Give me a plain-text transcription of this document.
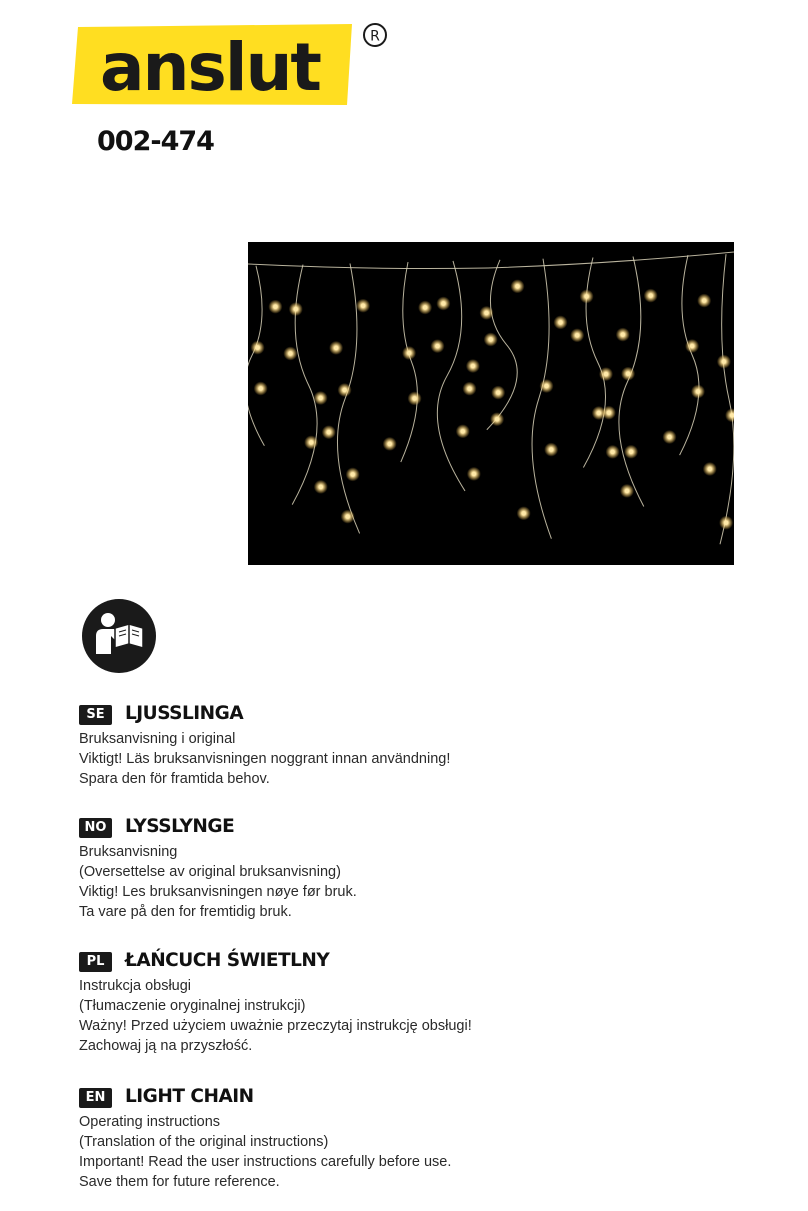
anslut	R
002-474
SE	LJUSSLINGA
Bruksanvisning i original
Viktigt! Läs bruksanvisningen noggrant innan användning!
Spara den för framtida behov.
NO LYSSLYNGE
Bruksanvisning
(Oversettelse av original bruksanvisning)
Viktig! Les bruksanvisningen nøye før bruk.
Ta vare på den for fremtidig bruk.
PL	ŁAŃCUCH ŚWIETLNY
Instrukcja obsługi
(Tłumaczenie oryginalnej instrukcji)
Ważny! Przed użyciem uważnie przeczytaj instrukcję obsługi!
Zachowaj ją na przyszłość.
EN	LIGHT CHAIN
Operating instructions
(Translation of the original instructions)
Important! Read the user instructions carefully before use.
Save them for future reference.
